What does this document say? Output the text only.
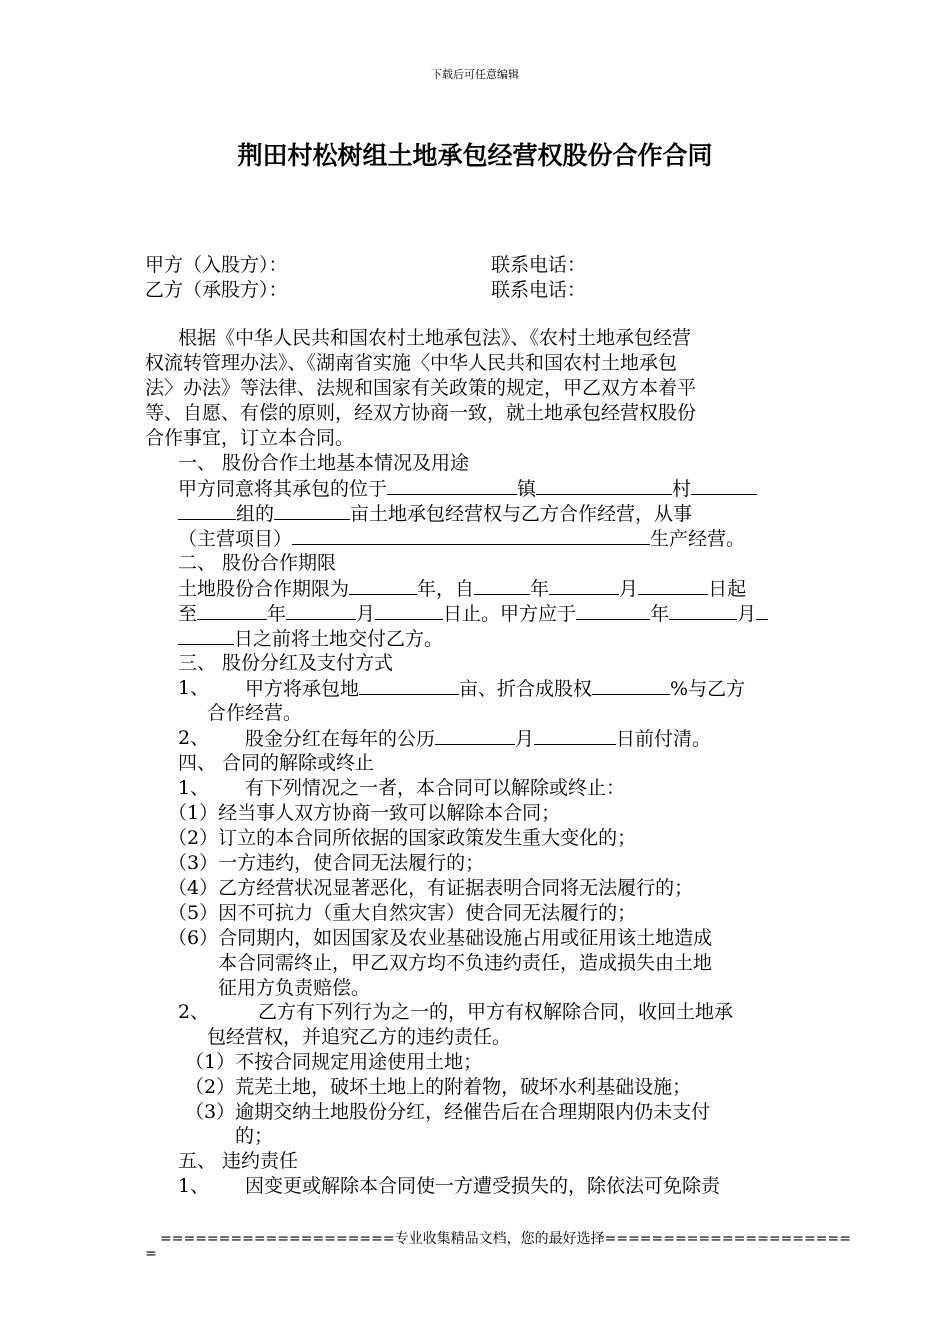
下载后可任意编辑
荆田村松树组土地承包经营权股份合作合同
甲方（入股方）：	联系电话：
乙方（承股方）：	联系电话：
根据《中华人民共和国农村土地承包法》、《农村土地承包经营
权流转管理办法》、《湖南省实施〈中华人民共和国农村土地承包
法〉办法》等法律、法规和国家有关政策的规定，甲乙双方本着平
等、自愿、有偿的原则，经双方协商一致，就土地承包经营权股份
合作事宜，订立本合同。
一、 股份合作土地基本情况及用途
甲方同意将其承包的位于	镇	村
组的	亩土地承包经营权与乙方合作经营，从事
（主营项目）	生产经营。
二、 股份合作期限
土地股份合作期限为	年，自	年	月	日起
至	年	月	日止。甲方应于	年	月
日之前将土地交付乙方。
三、 股份分红及支付方式
1、 甲方将承包地	亩、折合成股权	%与乙方
合作经营。
2、 股金分红在每年的公历	月	日前付清。
四、 合同的解除或终止
1、 有下列情况之一者，本合同可以解除或终止：
（1）经当事人双方协商一致可以解除本合同；
（2）订立的本合同所依据的国家政策发生重大变化的；
（3）一方违约，使合同无法履行的；
（4）乙方经营状况显著恶化，有证据表明合同将无法履行的；
（5）因不可抗力（重大自然灾害）使合同无法履行的；
（6）合同期内，如因国家及农业基础设施占用或征用该土地造成
本合同需终止，甲乙双方均不负违约责任，造成损失由土地
征用方负责赔偿。
2、	乙方有下列行为之一的，甲方有权解除合同，收回土地承
包经营权，并追究乙方的违约责任。
（1）不按合同规定用途使用土地；
（2）荒芜土地，破坏土地上的附着物，破坏水利基础设施；
（3）逾期交纳土地股份分红，经催告后在合理期限内仍未支付
的；
五、 违约责任
1、 因变更或解除本合同使一方遭受损失的，除依法可免除责
====================专业收集精品文档，您的最好选择=====================
=
